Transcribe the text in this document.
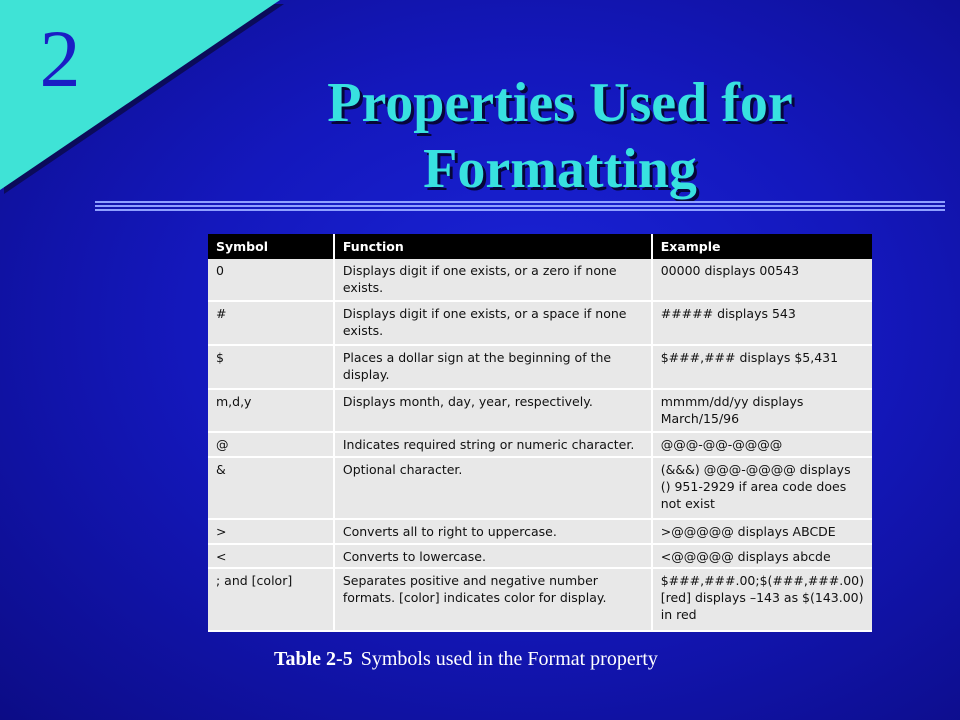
2	Properties Used for
Formatting
Symbol	Function	Example
0	Displays digit if one exists, or a zero if none exists.	00000 displays 00543
#	Displays digit if one exists, or a space if none exists.	##### displays 543
$	Places a dollar sign at the beginning of the display.	$###,### displays $5,431
m,d,y	Displays month, day, year, respectively.	mmmm/dd/yy displays March/15/96
@	Indicates required string or numeric character.	@@@-@@-@@@@
&	Optional character.	(&&&) @@@-@@@@ displays () 951-2929 if area code does not exist
>	Converts all to right to uppercase.	>@@@@@ displays ABCDE
<	Converts to lowercase.	<@@@@@ displays abcde
; and [color]	Separates positive and negative number formats. [color] indicates color for display.	$###,###.00;$(###,###.00) [red] displays –143 as $(143.00) in red
Table 2-5 Symbols used in the Format property
